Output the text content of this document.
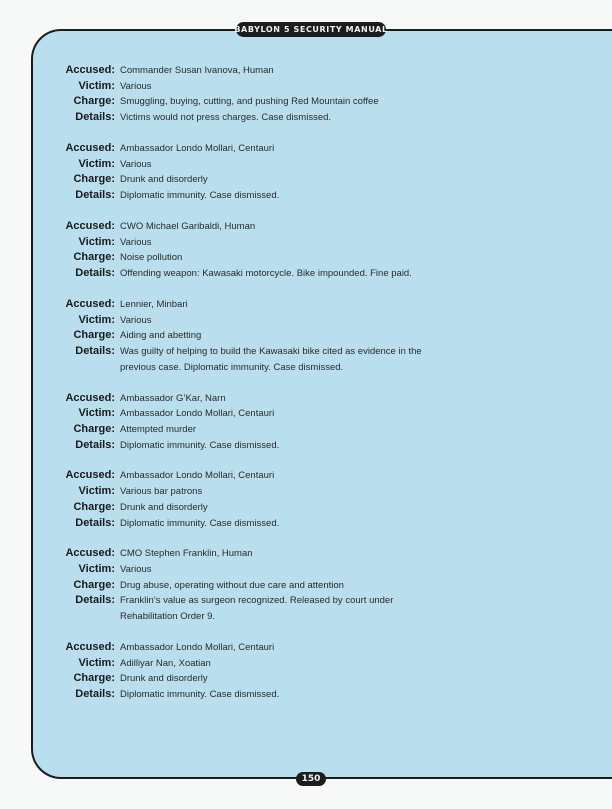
BABYLON 5 SECURITY MANUAL
Accused: Commander Susan Ivanova, Human
Victim: Various
Charge: Smuggling, buying, cutting, and pushing Red Mountain coffee
Details: Victims would not press charges. Case dismissed.
Accused: Ambassador Londo Mollari, Centauri
Victim: Various
Charge: Drunk and disorderly
Details: Diplomatic immunity. Case dismissed.
Accused: CWO Michael Garibaldi, Human
Victim: Various
Charge: Noise pollution
Details: Offending weapon: Kawasaki motorcycle. Bike impounded. Fine paid.
Accused: Lennier, Minbari
Victim: Various
Charge: Aiding and abetting
Details: Was guilty of helping to build the Kawasaki bike cited as evidence in the previous case. Diplomatic immunity. Case dismissed.
Accused: Ambassador G’Kar, Narn
Victim: Ambassador Londo Mollari, Centauri
Charge: Attempted murder
Details: Diplomatic immunity. Case dismissed.
Accused: Ambassador Londo Mollari, Centauri
Victim: Various bar patrons
Charge: Drunk and disorderly
Details: Diplomatic immunity. Case dismissed.
Accused: CMO Stephen Franklin, Human
Victim: Various
Charge: Drug abuse, operating without due care and attention
Details: Franklin’s value as surgeon recognized. Released by court under Rehabilitation Order 9.
Accused: Ambassador Londo Mollari, Centauri
Victim: Adilliyar Nan, Xoatian
Charge: Drunk and disorderly
Details: Diplomatic immunity. Case dismissed.
150
